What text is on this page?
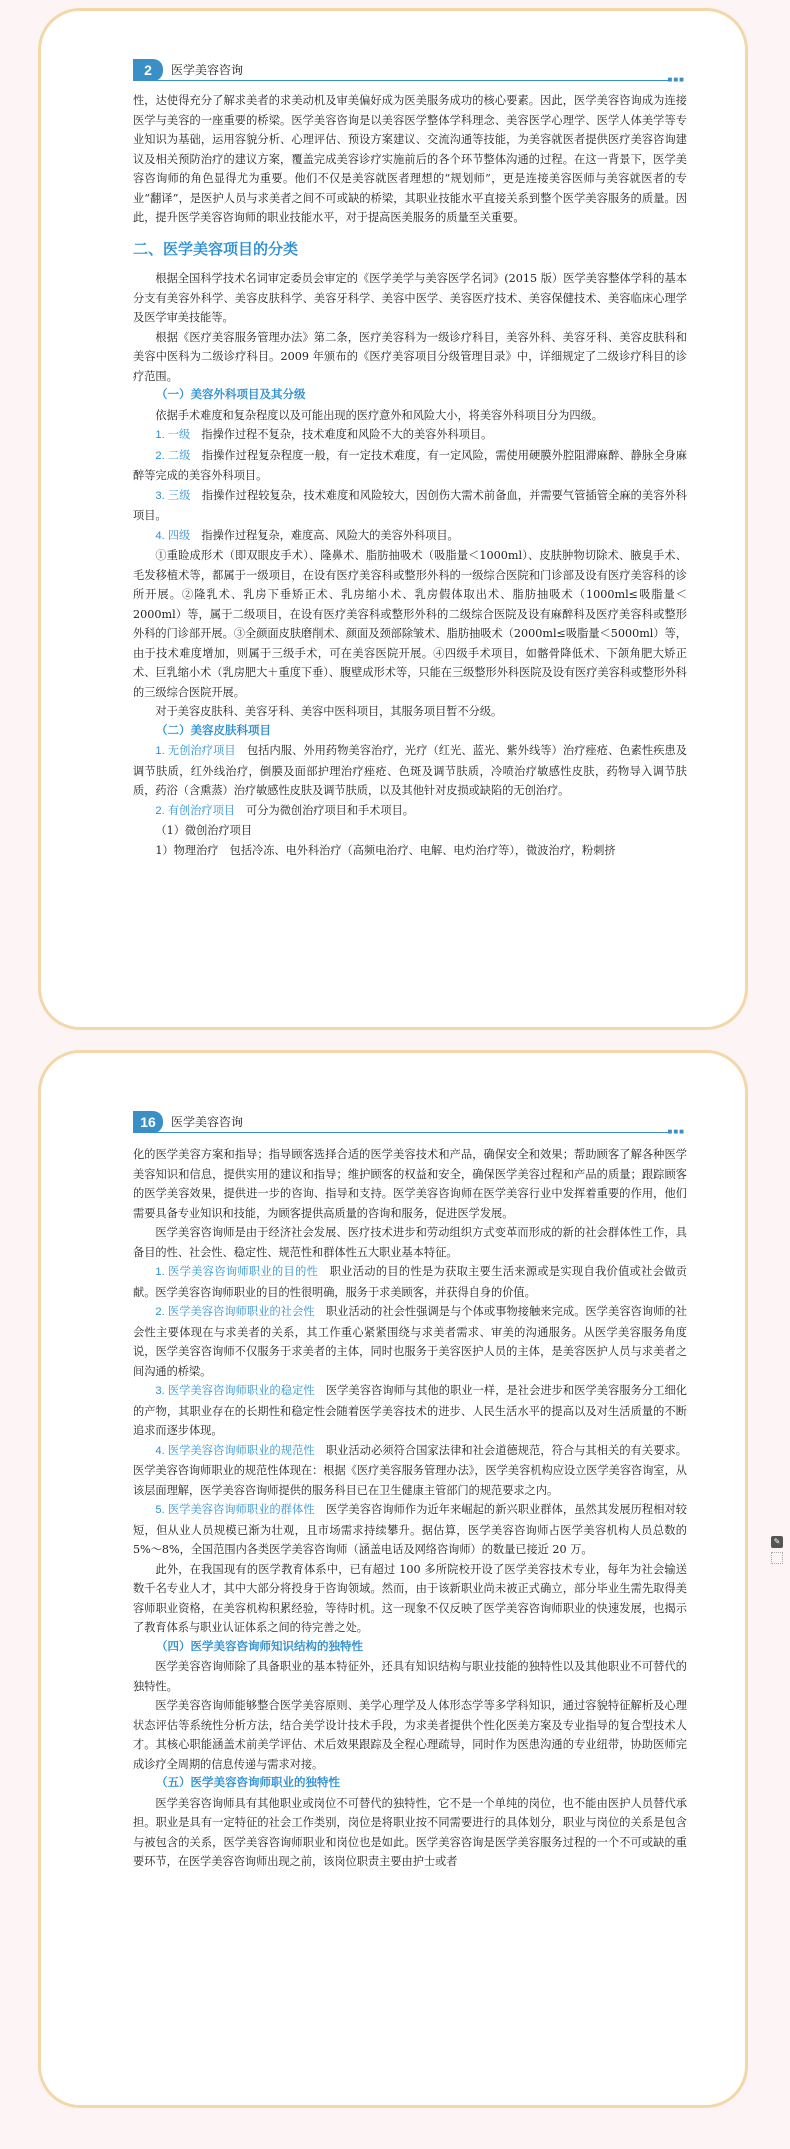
2	医学美容咨询
■■■

性，达使得充分了解求美者的求美动机及审美偏好成为医美服务成功的核心要素。因此，医学美容咨询成为连接医学与美容的一座重要的桥梁。医学美容咨询是以美容医学整体学科理念、美容医学心理学、医学人体美学等专业知识为基础，运用容貌分析、心理评估、预设方案建议、交流沟通等技能，为美容就医者提供医疗美容咨询建议及相关预防治疗的建议方案，覆盖完成美容诊疗实施前后的各个环节整体沟通的过程。在这一背景下，医学美容咨询师的角色显得尤为重要。他们不仅是美容就医者理想的“规划师”，更是连接美容医师与美容就医者的专业“翻译”，是医护人员与求美者之间不可或缺的桥梁，其职业技能水平直接关系到整个医学美容服务的质量。因此，提升医学美容咨询师的职业技能水平，对于提高医美服务的质量至关重要。

二、医学美容项目的分类

根据全国科学技术名词审定委员会审定的《医学美学与美容医学名词》(2015 版）医学美容整体学科的基本分支有美容外科学、美容皮肤科学、美容牙科学、美容中医学、美容医疗技术、美容保健技术、美容临床心理学及医学审美技能等。

根据《医疗美容服务管理办法》第二条，医疗美容科为一级诊疗科目，美容外科、美容牙科、美容皮肤科和美容中医科为二级诊疗科目。2009 年颁布的《医疗美容项目分级管理目录》中，详细规定了二级诊疗科目的诊疗范围。

（一）美容外科项目及其分级

依据手术难度和复杂程度以及可能出现的医疗意外和风险大小，将美容外科项目分为四级。

1. 一级　 指操作过程不复杂，技术难度和风险不大的美容外科项目。

2. 二级　 指操作过程复杂程度一般，有一定技术难度，有一定风险，需使用硬膜外腔阻滞麻醉、静脉全身麻醉等完成的美容外科项目。

3. 三级　 指操作过程较复杂，技术难度和风险较大，因创伤大需术前备血，并需要气管插管全麻的美容外科项目。

4. 四级　 指操作过程复杂，难度高、风险大的美容外科项目。

①重睑成形术（即双眼皮手术）、隆鼻术、脂肪抽吸术（吸脂量＜1000ml）、皮肤肿物切除术、腋臭手术、毛发移植术等，都属于一级项目，在设有医疗美容科或整形外科的一级综合医院和门诊部及设有医疗美容科的诊所开展。②隆乳术、乳房下垂矫正术、乳房缩小术、乳房假体取出术、脂肪抽吸术（1000ml≤吸脂量＜2000ml）等，属于二级项目，在设有医疗美容科或整形外科的二级综合医院及设有麻醉科及医疗美容科或整形外科的门诊部开展。③全颜面皮肤磨削术、颜面及颈部除皱术、脂肪抽吸术（2000ml≤吸脂量＜5000ml）等，由于技术难度增加，则属于三级手术，可在美容医院开展。④四级手术项目，如髂骨降低术、下颌角肥大矫正术、巨乳缩小术（乳房肥大＋重度下垂）、腹壁成形术等，只能在三级整形外科医院及设有医疗美容科或整形外科的三级综合医院开展。

对于美容皮肤科、美容牙科、美容中医科项目，其服务项目暂不分级。

（二）美容皮肤科项目

1. 无创治疗项目　 包括内服、外用药物美容治疗，光疗（红光、蓝光、紫外线等）治疗痤疮、色素性疾患及调节肤质，红外线治疗，倒膜及面部护理治疗痤疮、色斑及调节肤质，冷喷治疗敏感性皮肤，药物导入调节肤质，药浴（含熏蒸）治疗敏感性皮肤及调节肤质，以及其他针对皮损或缺陷的无创治疗。

2. 有创治疗项目　 可分为微创治疗项目和手术项目。

（1）微创治疗项目

1）物理治疗　包括冷冻、电外科治疗（高频电治疗、电解、电灼治疗等），微波治疗，粉刺挤

16	医学美容咨询
■■■

化的医学美容方案和指导；指导顾客选择合适的医学美容技术和产品，确保安全和效果；帮助顾客了解各种医学美容知识和信息，提供实用的建议和指导；维护顾客的权益和安全，确保医学美容过程和产品的质量；跟踪顾客的医学美容效果，提供进一步的咨询、指导和支持。医学美容咨询师在医学美容行业中发挥着重要的作用，他们需要具备专业知识和技能，为顾客提供高质量的咨询和服务，促进医学发展。

医学美容咨询师是由于经济社会发展、医疗技术进步和劳动组织方式变革而形成的新的社会群体性工作，具备目的性、社会性、稳定性、规范性和群体性五大职业基本特征。

1. 医学美容咨询师职业的目的性　 职业活动的目的性是为获取主要生活来源或是实现自我价值或社会做贡献。医学美容咨询师职业的目的性很明确，服务于求美顾客，并获得自身的价值。

2. 医学美容咨询师职业的社会性　 职业活动的社会性强调是与个体或事物接触来完成。医学美容咨询师的社会性主要体现在与求美者的关系，其工作重心紧紧围绕与求美者需求、审美的沟通服务。从医学美容服务角度说，医学美容咨询师不仅服务于求美者的主体，同时也服务于美容医护人员的主体，是美容医护人员与求美者之间沟通的桥梁。

3. 医学美容咨询师职业的稳定性　 医学美容咨询师与其他的职业一样，是社会进步和医学美容服务分工细化的产物，其职业存在的长期性和稳定性会随着医学美容技术的进步、人民生活水平的提高以及对生活质量的不断追求而逐步体现。

4. 医学美容咨询师职业的规范性　 职业活动必须符合国家法律和社会道德规范，符合与其相关的有关要求。医学美容咨询师职业的规范性体现在：根据《医疗美容服务管理办法》，医学美容机构应设立医学美容咨询室，从该层面理解，医学美容咨询师提供的服务科目已在卫生健康主管部门的规范要求之内。

5. 医学美容咨询师职业的群体性　 医学美容咨询师作为近年来崛起的新兴职业群体，虽然其发展历程相对较短，但从业人员规模已渐为壮观，且市场需求持续攀升。据估算，医学美容咨询师占医学美容机构人员总数的 5%～8%，全国范围内各类医学美容咨询师（涵盖电话及网络咨询师）的数量已接近 20 万。

此外，在我国现有的医学教育体系中，已有超过 100 多所院校开设了医学美容技术专业，每年为社会输送数千名专业人才，其中大部分将投身于咨询领域。然而，由于该新职业尚未被正式确立，部分毕业生需先取得美容师职业资格，在美容机构积累经验，等待时机。这一现象不仅反映了医学美容咨询师职业的快速发展，也揭示了教育体系与职业认证体系之间的待完善之处。

（四）医学美容咨询师知识结构的独特性

医学美容咨询师除了具备职业的基本特征外，还具有知识结构与职业技能的独特性以及其他职业不可替代的独特性。

医学美容咨询师能够整合医学美容原则、美学心理学及人体形态学等多学科知识，通过容貌特征解析及心理状态评估等系统性分析方法，结合美学设计技术手段，为求美者提供个性化医美方案及专业指导的复合型技术人才。其核心职能涵盖术前美学评估、术后效果跟踪及全程心理疏导，同时作为医患沟通的专业纽带，协助医师完成诊疗全周期的信息传递与需求对接。

（五）医学美容咨询师职业的独特性

医学美容咨询师具有其他职业或岗位不可替代的独特性，它不是一个单纯的岗位，也不能由医护人员替代承担。职业是具有一定特征的社会工作类别，岗位是将职业按不同需要进行的具体划分，职业与岗位的关系是包含与被包含的关系，医学美容咨询师职业和岗位也是如此。医学美容咨询是医学美容服务过程的一个不可或缺的重要环节，在医学美容咨询师出现之前，该岗位职责主要由护士或者

✎
